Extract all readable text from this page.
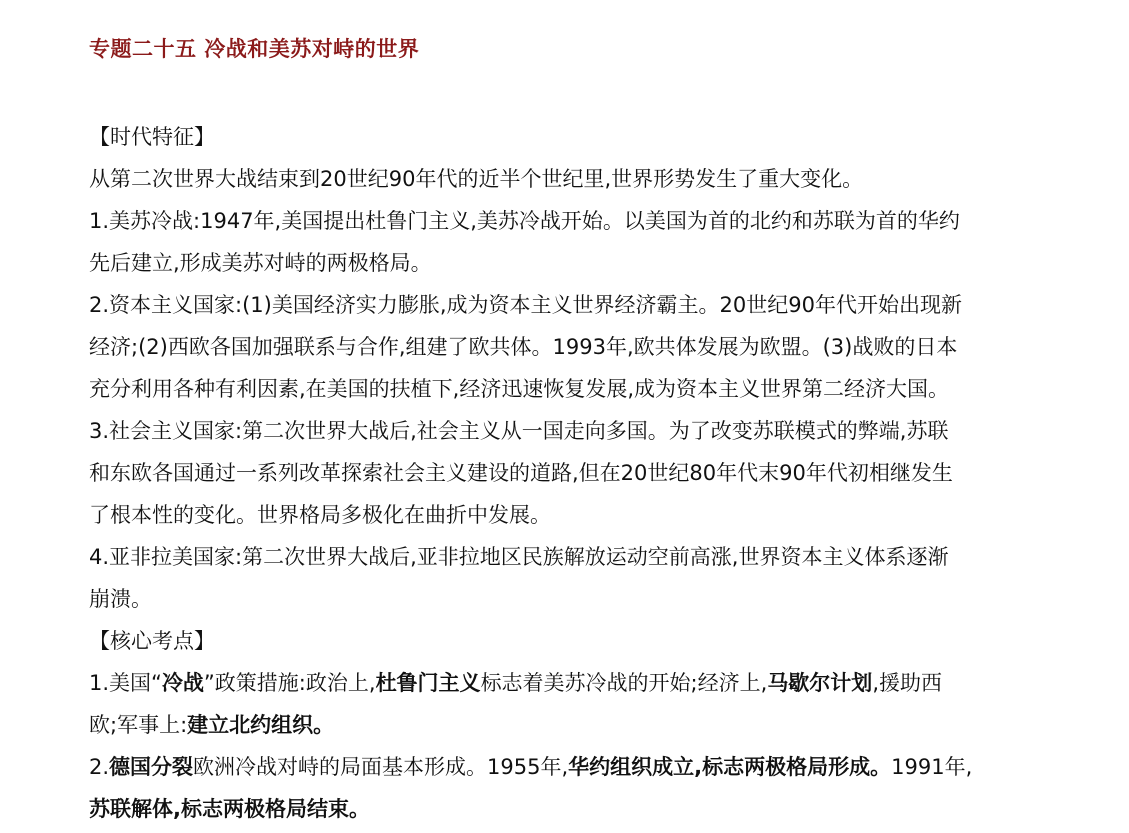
专题二十五 冷战和美苏对峙的世界
【时代特征】
从第二次世界大战结束到20世纪90年代的近半个世纪里,世界形势发生了重大变化。
1.美苏冷战:1947年,美国提出杜鲁门主义,美苏冷战开始。以美国为首的北约和苏联为首的华约
先后建立,形成美苏对峙的两极格局。
2.资本主义国家:(1)美国经济实力膨胀,成为资本主义世界经济霸主。20世纪90年代开始出现新
经济;(2)西欧各国加强联系与合作,组建了欧共体。1993年,欧共体发展为欧盟。(3)战败的日本
充分利用各种有利因素,在美国的扶植下,经济迅速恢复发展,成为资本主义世界第二经济大国。
3.社会主义国家:第二次世界大战后,社会主义从一国走向多国。为了改变苏联模式的弊端,苏联
和东欧各国通过一系列改革探索社会主义建设的道路,但在20世纪80年代末90年代初相继发生
了根本性的变化。世界格局多极化在曲折中发展。
4.亚非拉美国家:第二次世界大战后,亚非拉地区民族解放运动空前高涨,世界资本主义体系逐渐
崩溃。
【核心考点】
1.美国“冷战”政策措施:政治上,杜鲁门主义标志着美苏冷战的开始;经济上,马歇尔计划,援助西
欧;军事上:建立北约组织。
2.德国分裂欧洲冷战对峙的局面基本形成。1955年,华约组织成立,标志两极格局形成。1991年,
苏联解体,标志两极格局结束。
